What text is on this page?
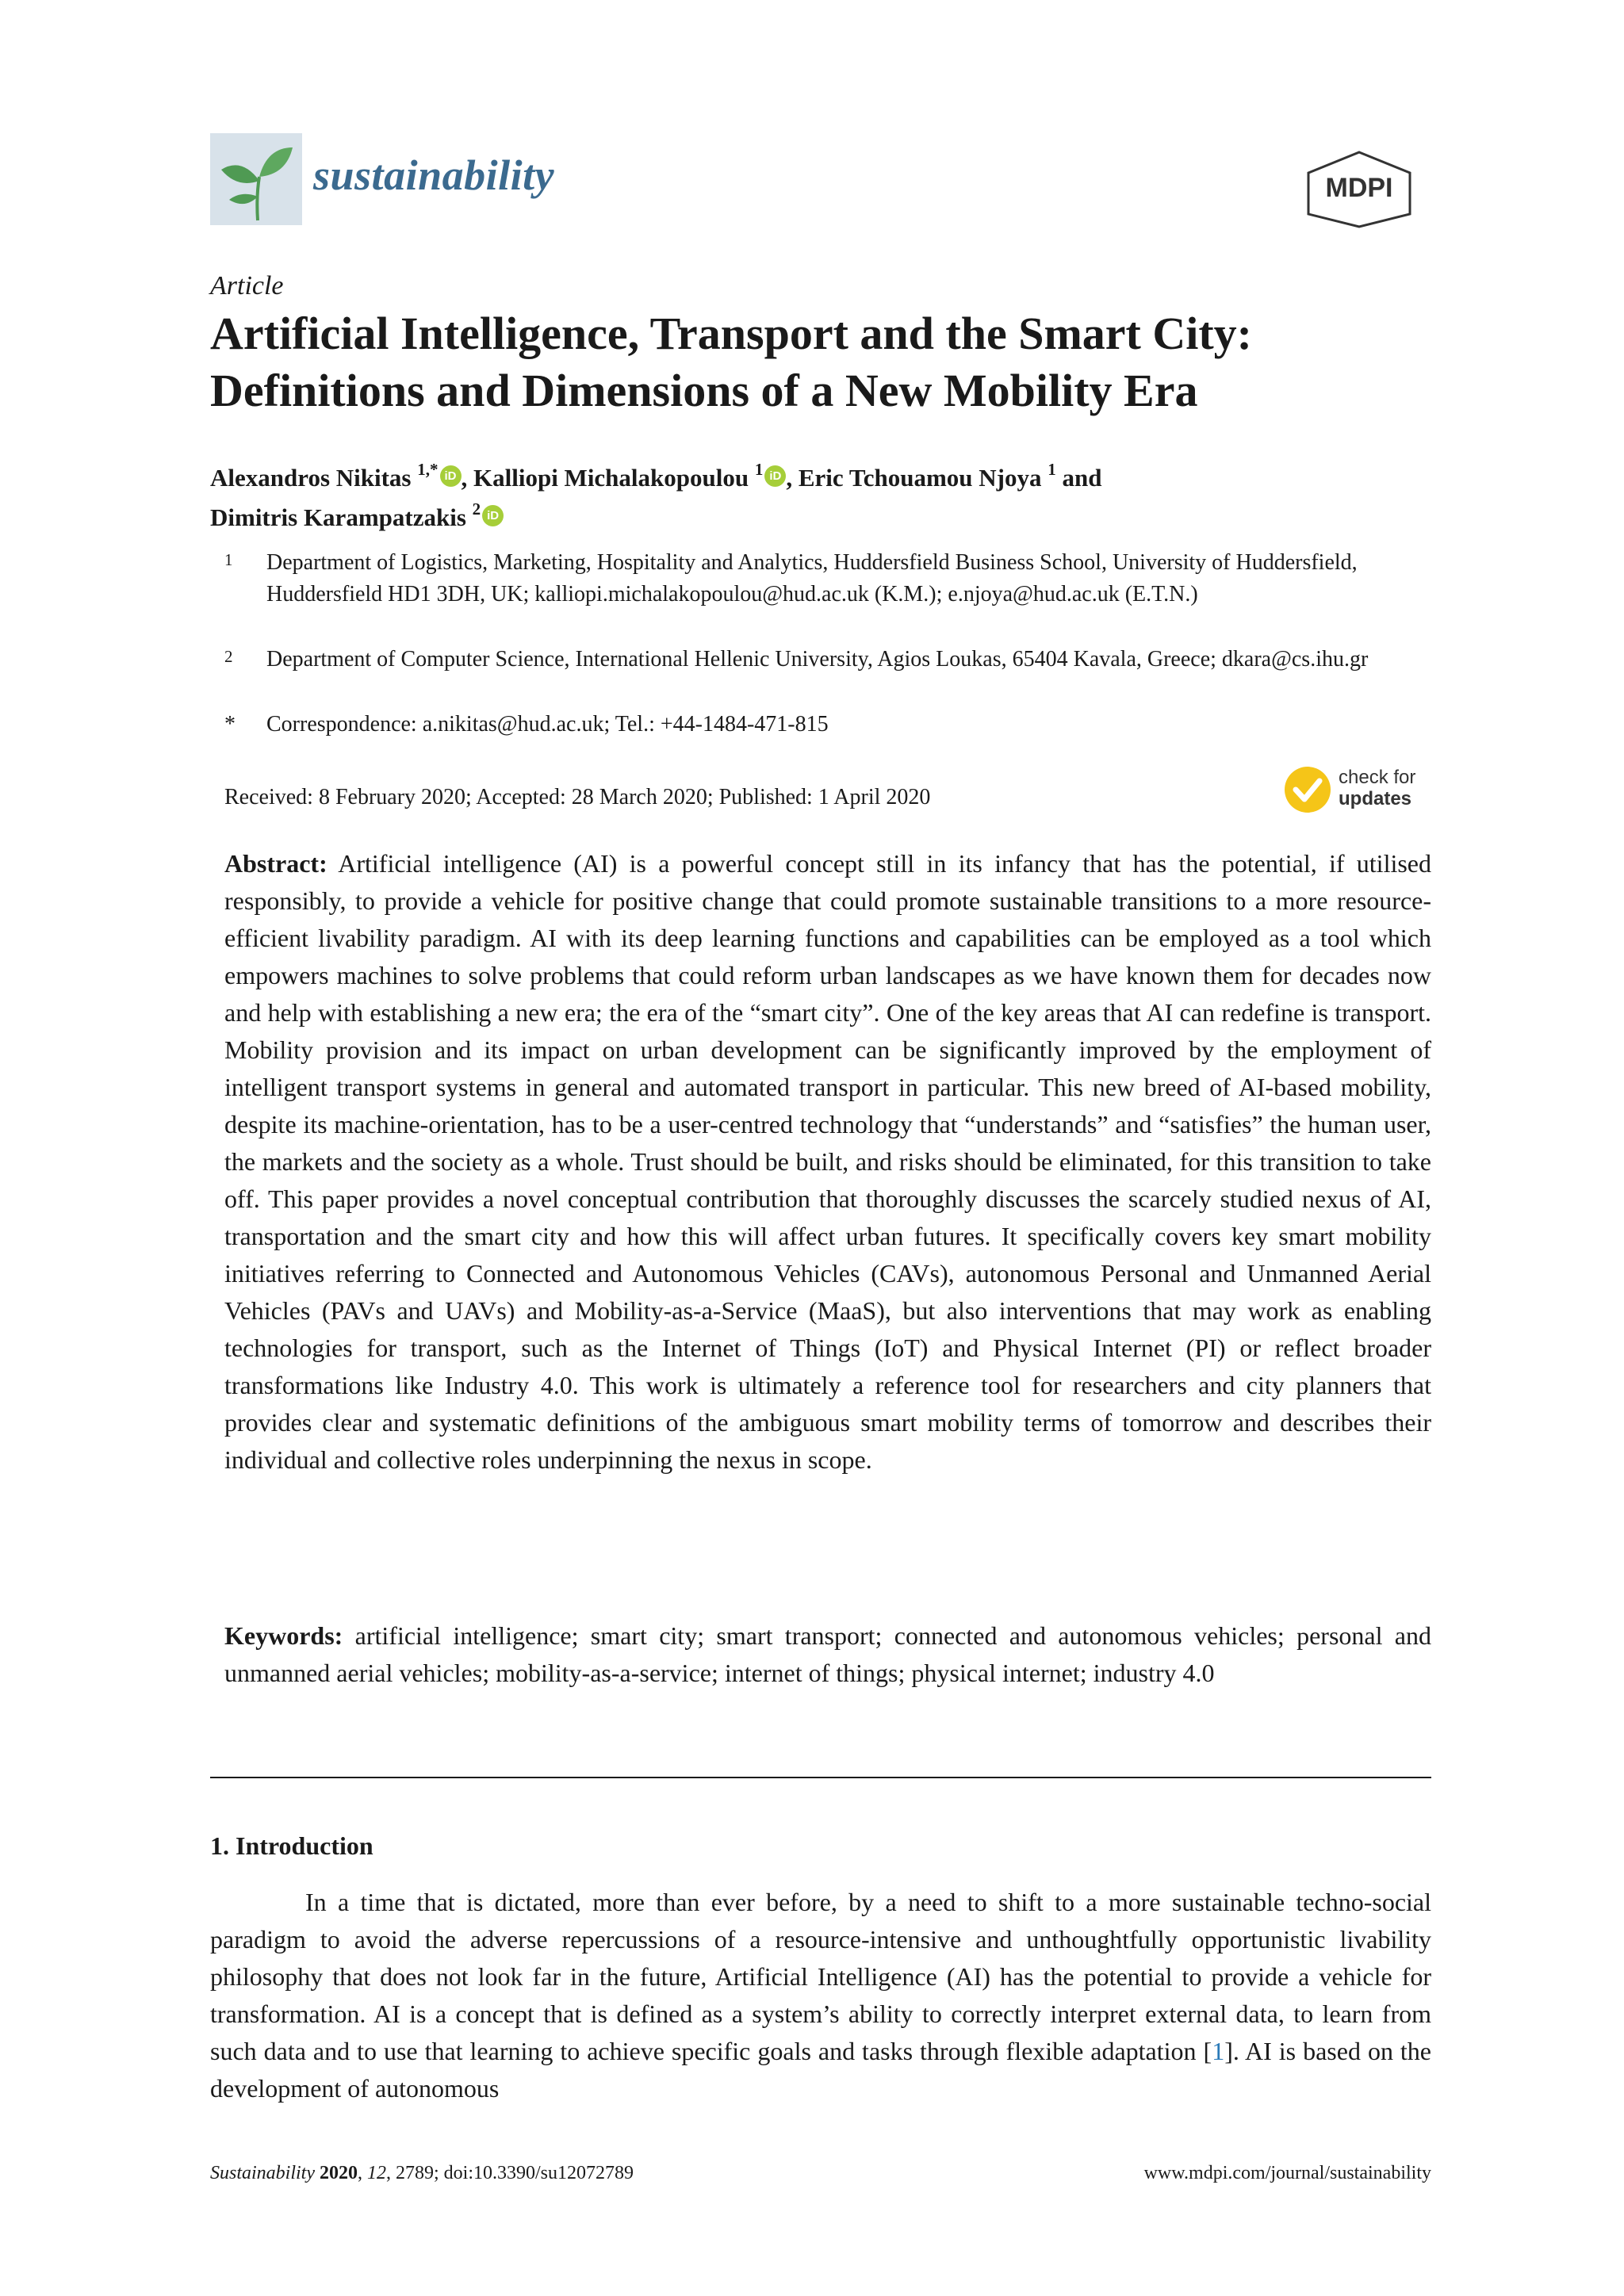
sustainability	MDPI
Article
Artificial Intelligence, Transport and the Smart City:
Definitions and Dimensions of a New Mobility Era
Alexandros Nikitas $^{1,*}$ iD , Kalliopi Michalakopoulou $^1$ iD , Eric Tchouamou Njoya $^1$ and
Dimitris Karampatzakis $^2$ iD
1 Department of Logistics, Marketing, Hospitality and Analytics, Huddersfield Business School, University of Huddersfield, Huddersfield HD1 3DH, UK; kalliopi.michalakopoulou@hud.ac.uk (K.M.); e.njoya@hud.ac.uk (E.T.N.)
2 Department of Computer Science, International Hellenic University, Agios Loukas, 65404 Kavala, Greece; dkara@cs.ihu.gr
* Correspondence: a.nikitas@hud.ac.uk; Tel.: +44-1484-471-815
Received: 8 February 2020; Accepted: 28 March 2020; Published: 1 April 2020
check for
updates
Abstract: Artificial intelligence (AI) is a powerful concept still in its infancy that has the potential, if utilised responsibly, to provide a vehicle for positive change that could promote sustainable transitions to a more resource-efficient livability paradigm. AI with its deep learning functions and capabilities can be employed as a tool which empowers machines to solve problems that could reform urban landscapes as we have known them for decades now and help with establishing a new era; the era of the “smart city”. One of the key areas that AI can redefine is transport. Mobility provision and its impact on urban development can be significantly improved by the employment of intelligent transport systems in general and automated transport in particular. This new breed of AI-based mobility, despite its machine-orientation, has to be a user-centred technology that “understands” and “satisfies” the human user, the markets and the society as a whole. Trust should be built, and risks should be eliminated, for this transition to take off. This paper provides a novel conceptual contribution that thoroughly discusses the scarcely studied nexus of AI, transportation and the smart city and how this will affect urban futures. It specifically covers key smart mobility initiatives referring to Connected and Autonomous Vehicles (CAVs), autonomous Personal and Unmanned Aerial Vehicles (PAVs and UAVs) and Mobility-as-a-Service (MaaS), but also interventions that may work as enabling technologies for transport, such as the Internet of Things (IoT) and Physical Internet (PI) or reflect broader transformations like Industry 4.0. This work is ultimately a reference tool for researchers and city planners that provides clear and systematic definitions of the ambiguous smart mobility terms of tomorrow and describes their individual and collective roles underpinning the nexus in scope.
Keywords: artificial intelligence; smart city; smart transport; connected and autonomous vehicles; personal and unmanned aerial vehicles; mobility-as-a-service; internet of things; physical internet; industry 4.0
1. Introduction
In a time that is dictated, more than ever before, by a need to shift to a more sustainable techno-social paradigm to avoid the adverse repercussions of a resource-intensive and unthoughtfully opportunistic livability philosophy that does not look far in the future, Artificial Intelligence (AI) has the potential to provide a vehicle for transformation. AI is a concept that is defined as a system’s ability to correctly interpret external data, to learn from such data and to use that learning to achieve specific goals and tasks through flexible adaptation [1]. AI is based on the development of autonomous
Sustainability 2020, 12, 2789; doi:10.3390/su12072789	www.mdpi.com/journal/sustainability
